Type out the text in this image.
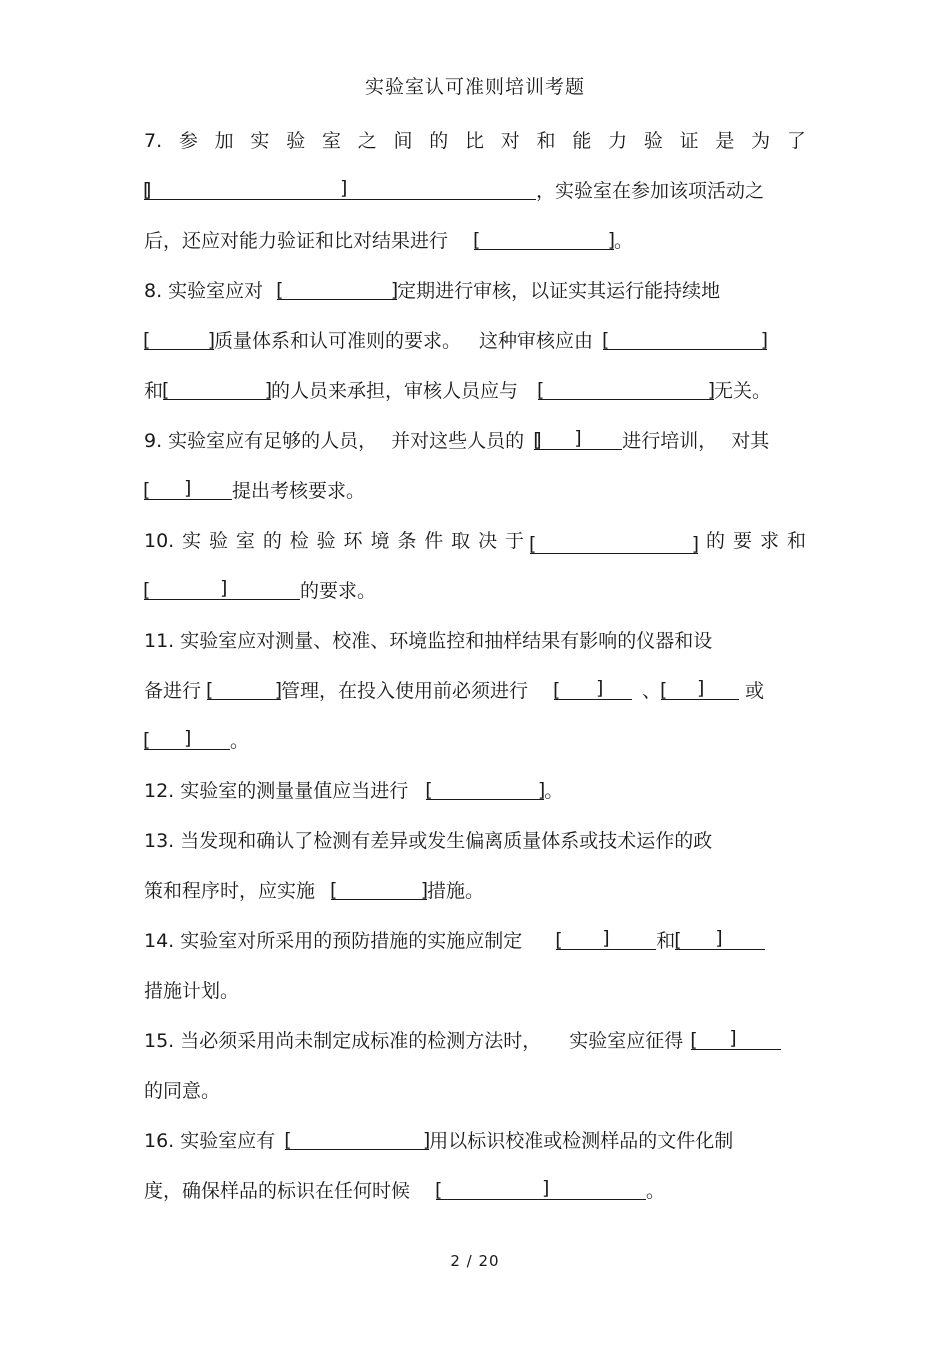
实验室认可准则培训考题
7. 参 加 实 验 室 之 间 的 比 对 和 能 力 验 证 是 为 了
[ ]
]	，实验室在参加该项活动之
后，还应对能力验证和比对结果进行 [ ]	。
8. 实验室应对 [ ]	定期进行审核，以证实其运行能持续地
[ ]质量体系和认可准则的要求。 这种审核应由[ ]
和 [ ]	的人员来承担，审核人员应与 [ ]	无关。
9. 实验室应有足够的人员， 并对这些人员的	[ ]
] 进行培训， 对其
[ ] 提出考核要求。
10. 实 验 室 的 检 验 环 境 条 件 取 决 于 [ ]	的 要 求 和
[ ]	的要求。
11. 实验室应对测量、校准、环境监控和抽样结果有影响的仪器和设
备进行 [ ]	管理，在投入使用前必须进行	[ ] 、 [ ] 或
[ ] 。
12. 实验室的测量量值应当进行 [ ]	。
13. 当发现和确认了检测有差异或发生偏离质量体系或技术运作的政
策和程序时，应实施 [ ]	措施。
14. 实验室对所采用的预防措施的实施应制定	[ ] 和 [ ]
措施计划。
15. 当必须采用尚未制定成标准的检测方法时， 实验室应征得 [ ]
的同意。
16. 实验室应有 [ ]	用以标识校准或检测样品的文件化制
度，确保样品的标识在任何时候	[ ]	。
2 / 20
